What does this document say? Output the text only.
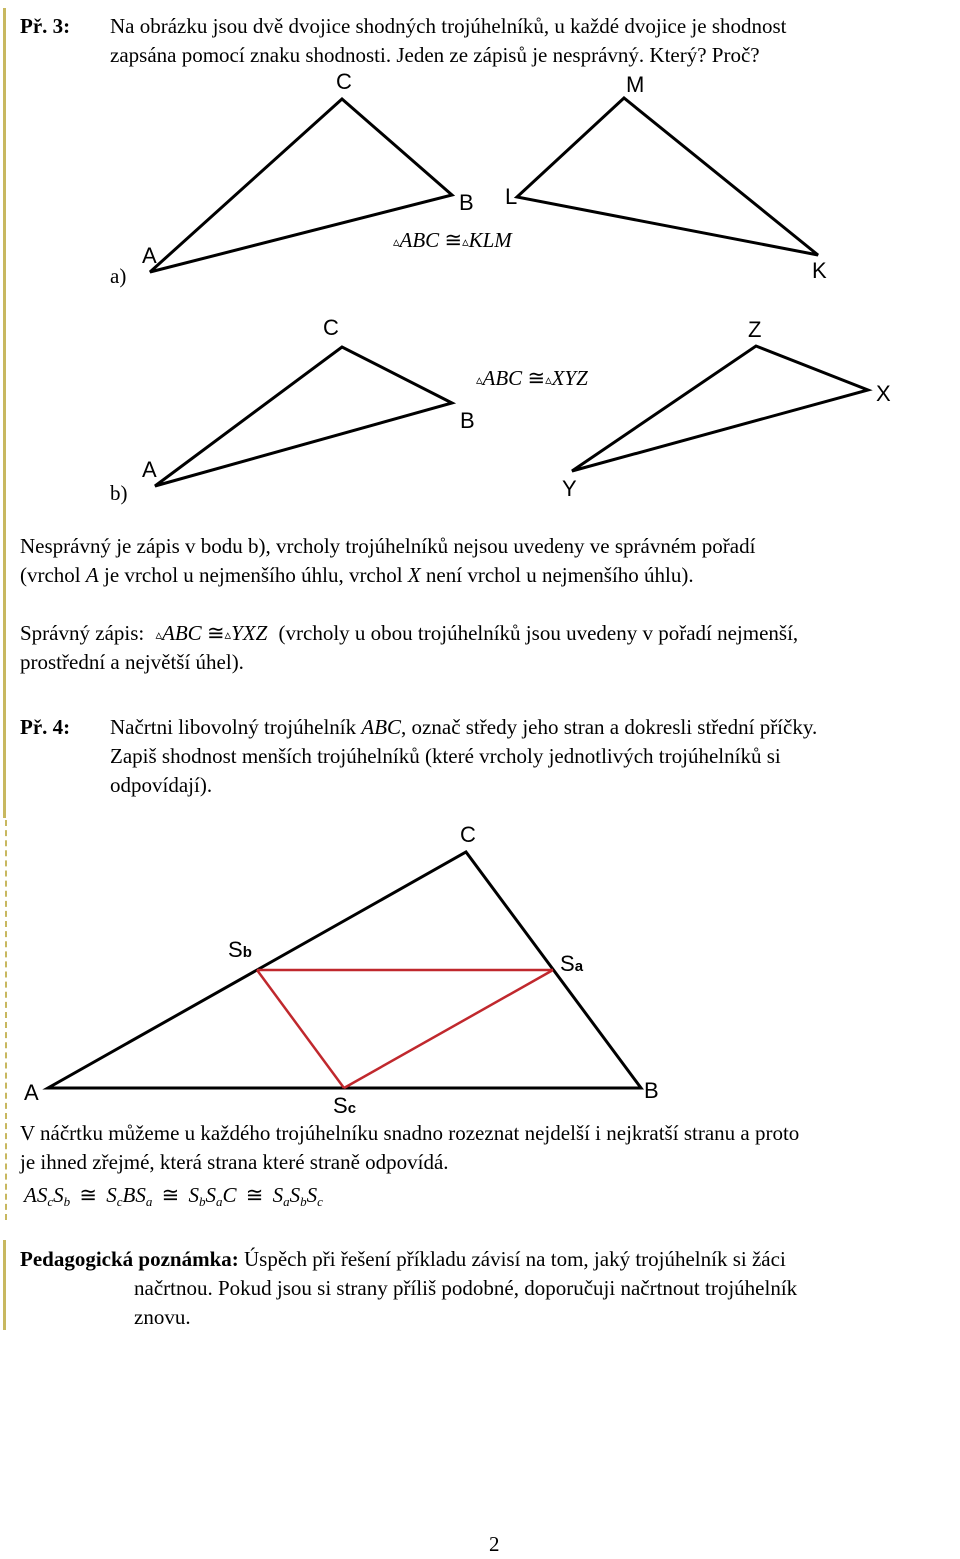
Př. 3: Na obrázku jsou dvě dvojice shodných trojúhelníků, u každé dvojice je shodnost
zapsána pomocí znaku shodnosti. Jeden ze zápisů je nesprávný. Který? Proč?
C
A
B L
M
K
a)
▵ABC ≅▵KLM
C
A
B
Z
X
Y
b)
▵ABC ≅▵XYZ
Nesprávný je zápis v bodu b), vrcholy trojúhelníků nejsou uvedeny ve správném pořadí
(vrchol A je vrchol u nejmenšího úhlu, vrchol X není vrchol u nejmenšího úhlu).
Správný zápis: ▵ABC ≅▵YXZ (vrcholy u obou trojúhelníků jsou uvedeny v pořadí nejmenší,
prostřední a největší úhel).
Př. 4: Načrtni libovolný trojúhelník ABC, označ středy jeho stran a dokresli střední příčky.
Zapiš shodnost menších trojúhelníků (které vrcholy jednotlivých trojúhelníků si
odpovídají).
C
A	B
Sb	Sa
Sc
V náčrtku můžeme u každého trojúhelníku snadno rozeznat nejdelší i nejkratší stranu a proto
je ihned zřejmé, která strana které straně odpovídá.
$AS_cS_b$ ≅ $S_cBS_a$ ≅ $S_bS_aC$ ≅ $S_aS_bS_c$
Pedagogická poznámka: Úspěch při řešení příkladu závisí na tom, jaký trojúhelník si žáci
načrtnou. Pokud jsou si strany příliš podobné, doporučuji načrtnout trojúhelník
znovu.
2
